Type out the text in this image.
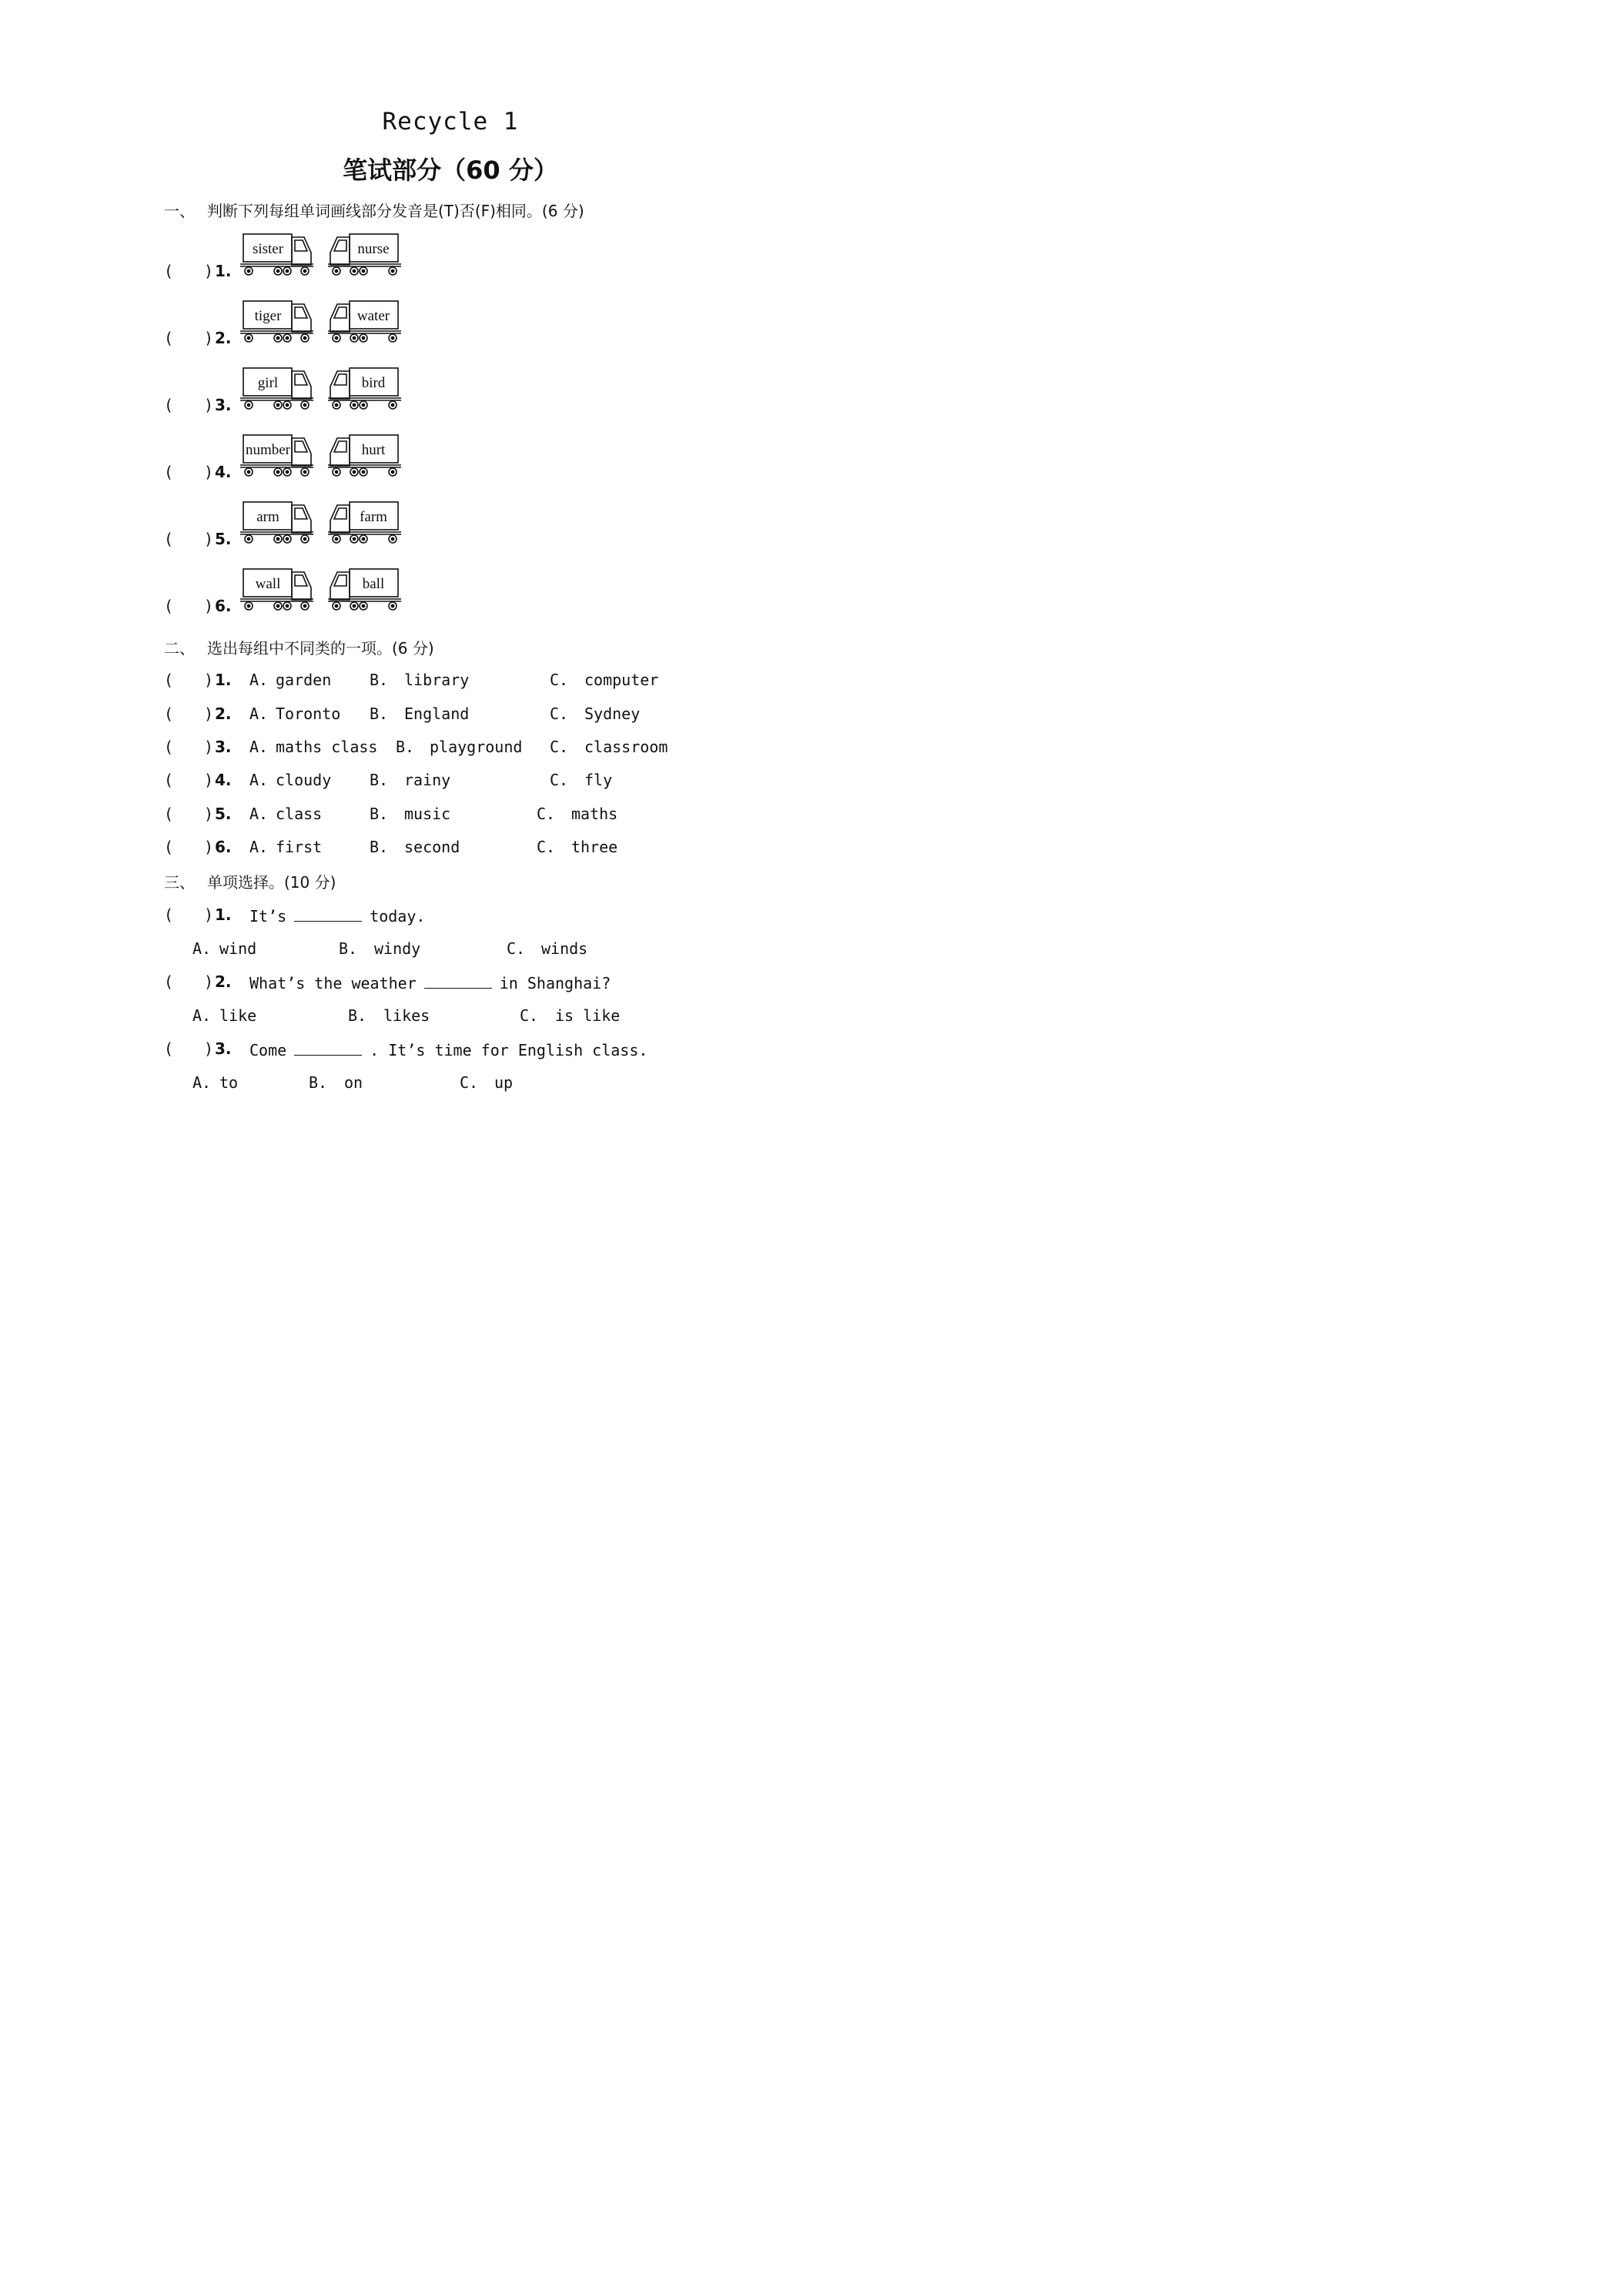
Recycle 1
笔试部分（60 分）
一、 判断下列每组单词画线部分发音是(T)否(F)相同。(6 分)
( ) 1.
sister	nurse
( ) 2.
tiger	water
( ) 3.
girl	bird
( ) 4.
number	hurt
( ) 5.
arm	farm
( ) 6.
wall	ball
二、 选出每组中不同类的一项。(6 分)
( ) 1. A. garden B. library	C. computer
( ) 2. A. Toronto B. England	C. Sydney
( ) 3. A. maths class B. playground C. classroom
( ) 4. A. cloudy B. rainy	C. fly
( ) 5. A. class	B. music	C. maths
( ) 6. A. first	B. second	C. three
三、 单项选择。(10 分)
( ) 1. It’s	today.
A. wind	B. windy	C. winds
( ) 2. What’s the weather	in Shanghai?
A. like	B. likes	C. is like
( ) 3. Come	. It’s time for English class.
A. to	B. on	C. up
